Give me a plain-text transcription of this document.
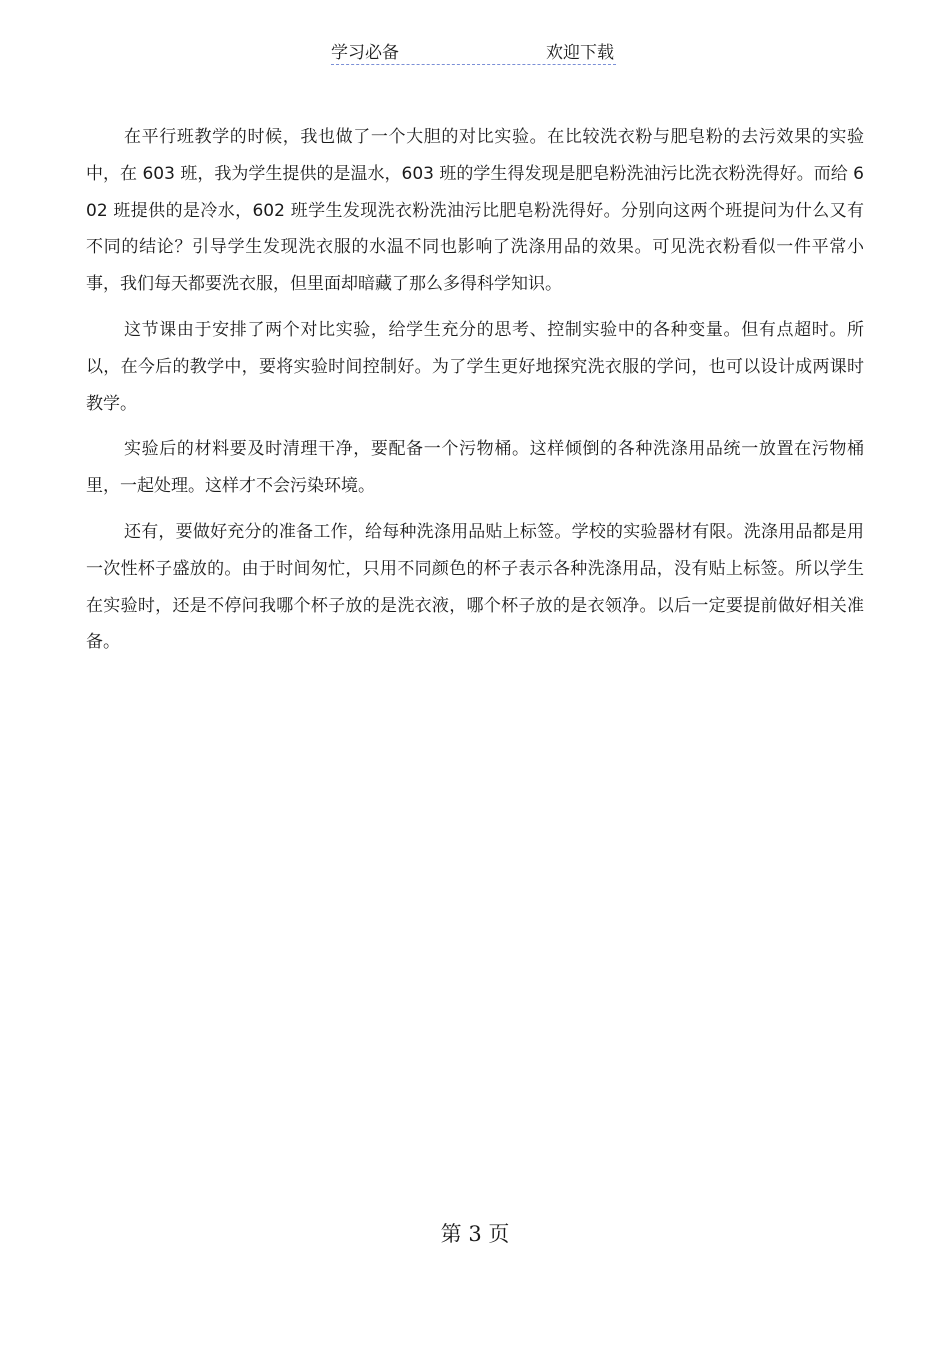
学习必备	欢迎下载

在平行班教学的时候，我也做了一个大胆的对比实验。在比较洗衣粉与肥皂粉的去污效果的实验中，在 603 班，我为学生提供的是温水，603 班的学生得发现是肥皂粉洗油污比洗衣粉洗得好。而给 602 班提供的是冷水，602 班学生发现洗衣粉洗油污比肥皂粉洗得好。分别向这两个班提问为什么又有不同的结论？引导学生发现洗衣服的水温不同也影响了洗涤用品的效果。可见洗衣粉看似一件平常小事，我们每天都要洗衣服，但里面却暗藏了那么多得科学知识。

这节课由于安排了两个对比实验，给学生充分的思考、控制实验中的各种变量。但有点超时。所以，在今后的教学中，要将实验时间控制好。为了学生更好地探究洗衣服的学问，也可以设计成两课时教学。

实验后的材料要及时清理干净，要配备一个污物桶。这样倾倒的各种洗涤用品统一放置在污物桶里，一起处理。这样才不会污染环境。

还有，要做好充分的准备工作，给每种洗涤用品贴上标签。学校的实验器材有限。洗涤用品都是用一次性杯子盛放的。由于时间匆忙，只用不同颜色的杯子表示各种洗涤用品，没有贴上标签。所以学生在实验时，还是不停问我哪个杯子放的是洗衣液，哪个杯子放的是衣领净。以后一定要提前做好相关准备。

第 3 页
